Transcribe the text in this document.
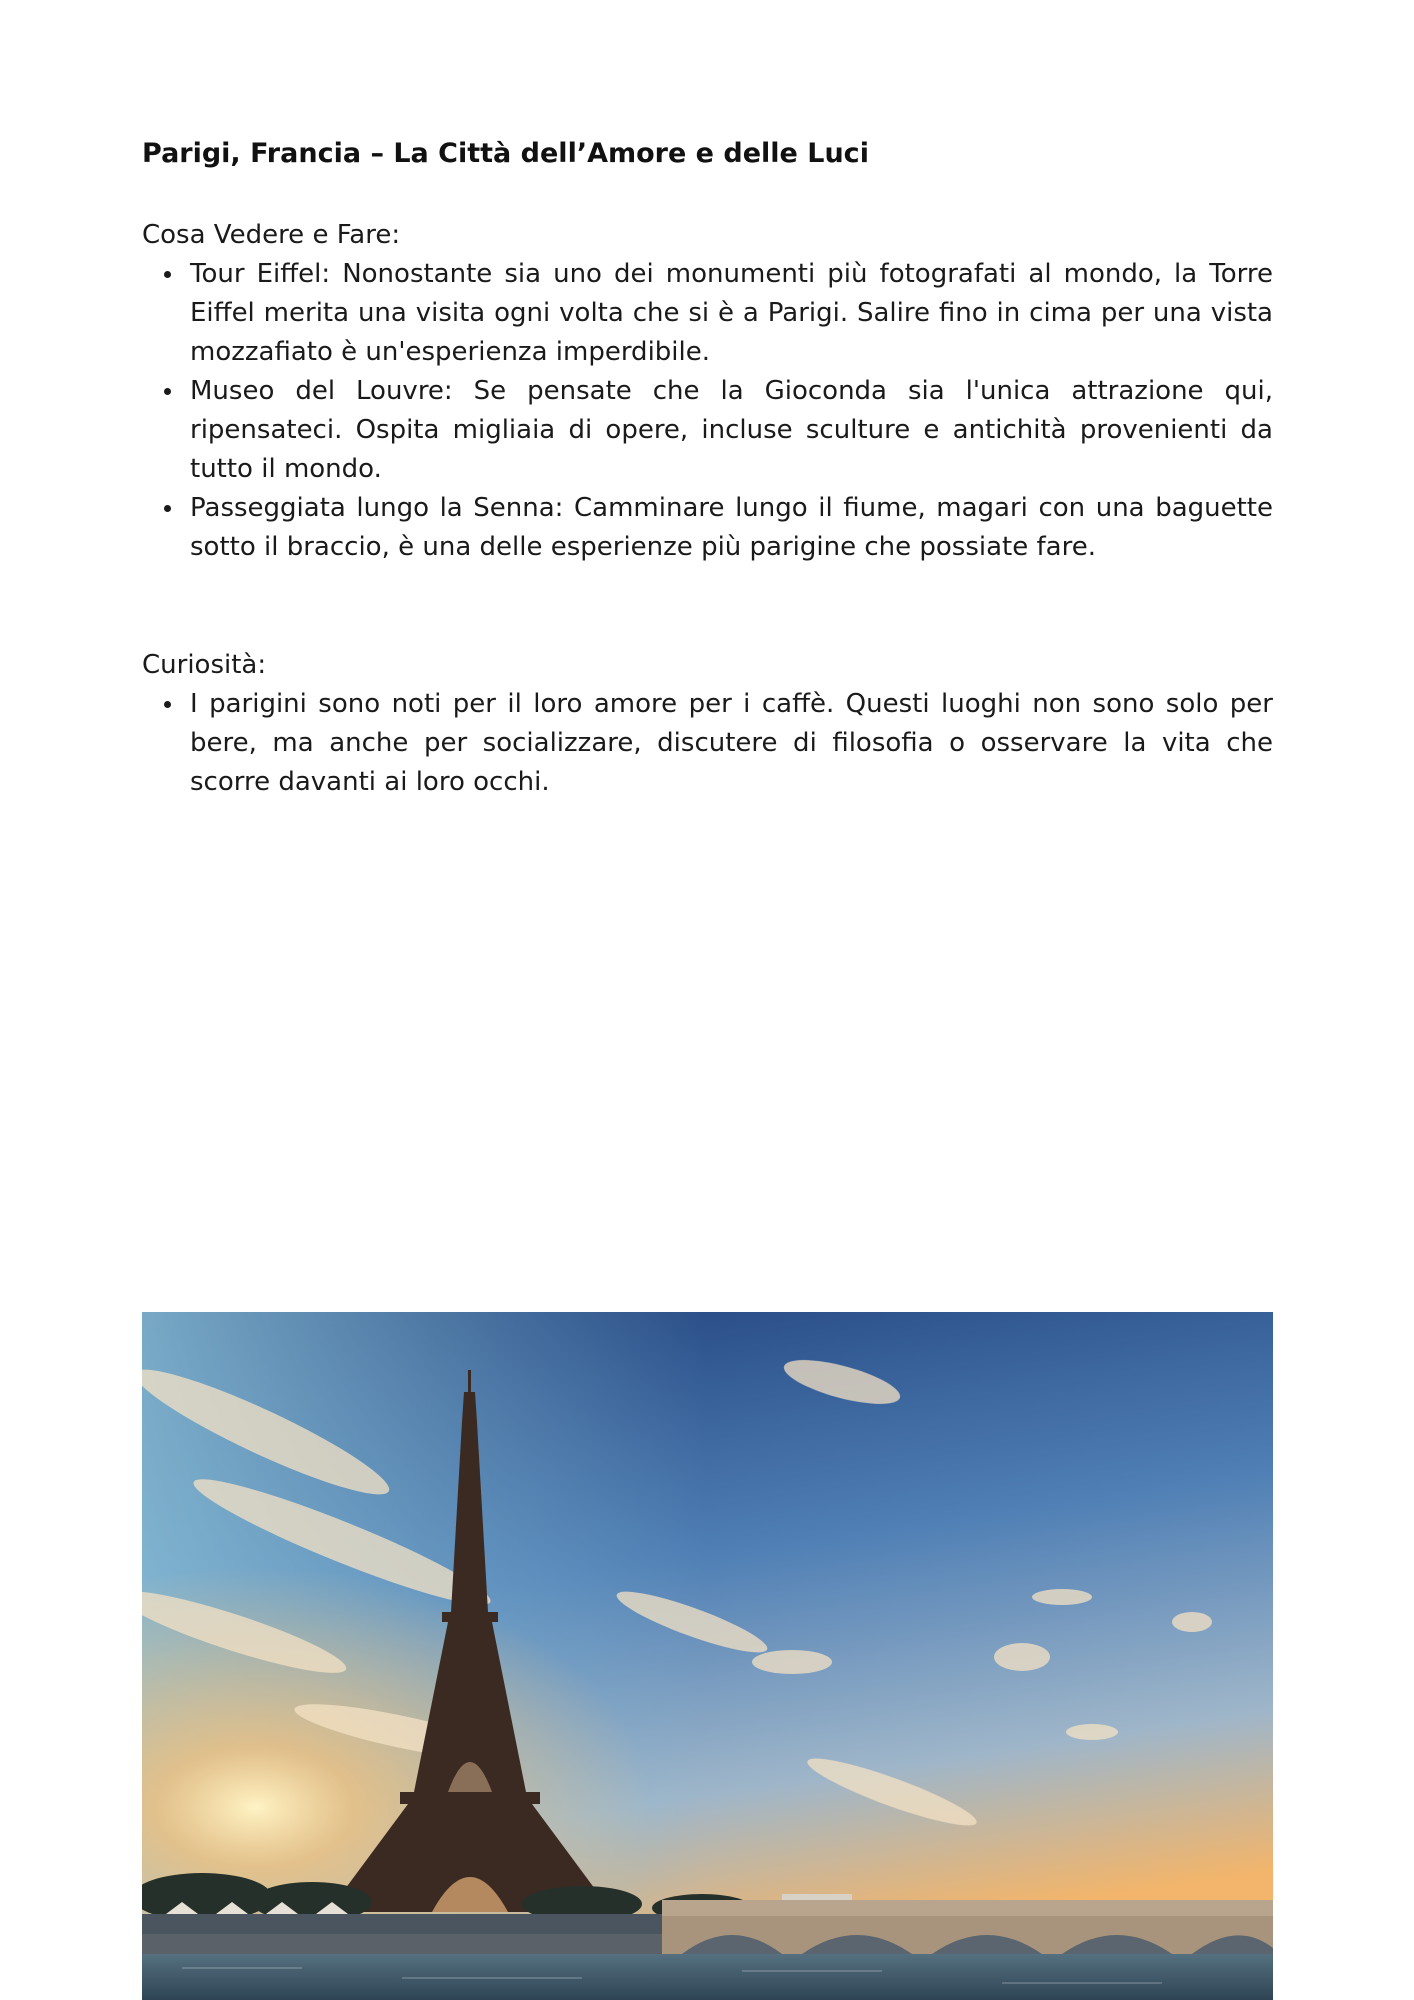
Parigi, Francia – La Città dell’Amore e delle Luci

Cosa Vedere e Fare:

Tour Eiffel: Nonostante sia uno dei monumenti più fotografati al mondo, la Torre Eiffel merita una visita ogni volta che si è a Parigi. Salire fino in cima per una vista mozzafiato è un'esperienza imperdibile.
Museo del Louvre: Se pensate che la Gioconda sia l'unica attrazione qui, ripensateci. Ospita migliaia di opere, incluse sculture e antichità provenienti da tutto il mondo.
Passeggiata lungo la Senna: Camminare lungo il fiume, magari con una baguette sotto il braccio, è una delle esperienze più parigine che possiate fare.

Curiosità:

I parigini sono noti per il loro amore per i caffè. Questi luoghi non sono solo per bere, ma anche per socializzare, discutere di filosofia o osservare la vita che scorre davanti ai loro occhi.
